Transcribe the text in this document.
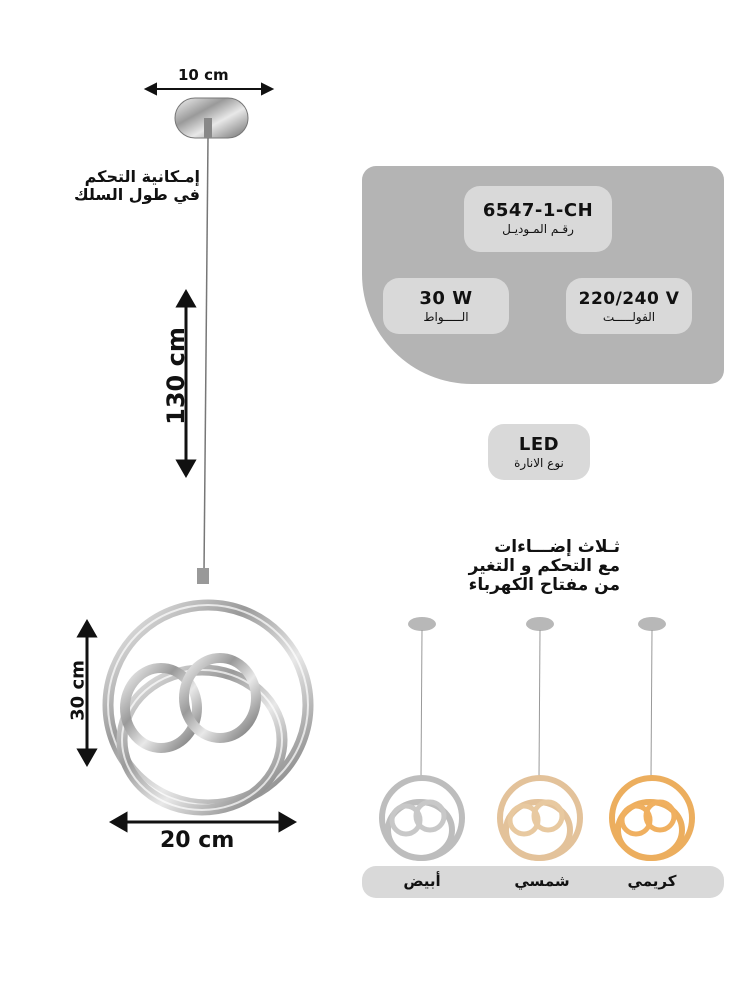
10 cm
130 cm
30 cm
20 cm
إمـكانية التحكم
في طول السلك
6547-1-CH
رقـم المـوديـل
30 W
الـــــواط
220/240 V
الفولـــــت
LED
نوع الانارة
ثـلاث إضـــاءات
مع التحكم و التغير
من مفتاح الكهرباء
أبيض	شمسي	كريمي
